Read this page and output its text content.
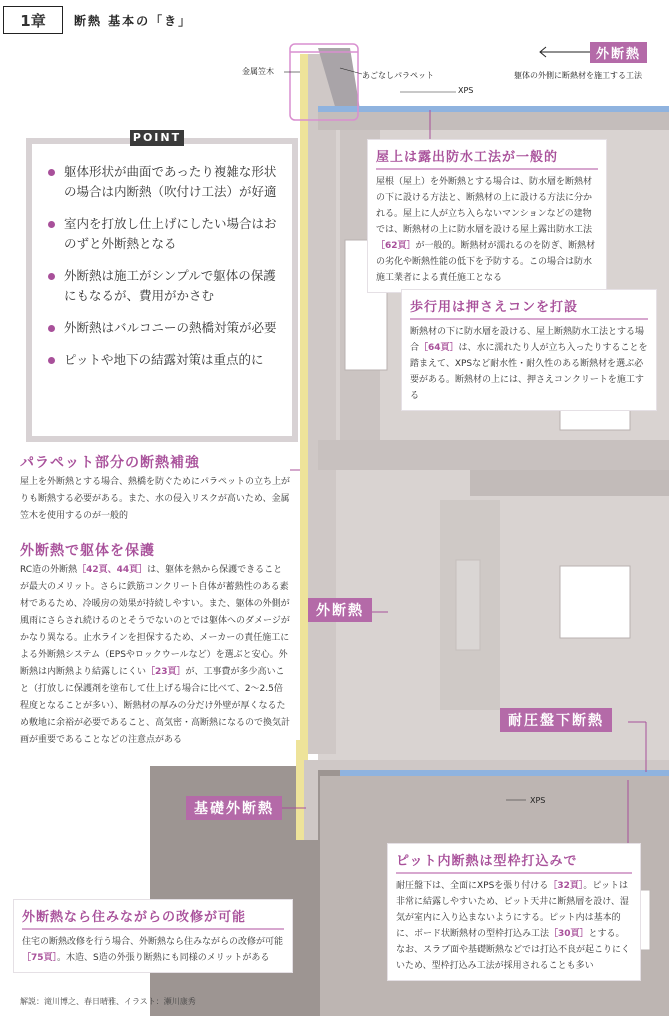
1章	断熱 基本の「き」
外断熱
躯体の外側に断熱材を施工する工法
金属笠木	あごなしパラペット
XPS
XPS
躯体形状が曲面であったり複雑な形状の場合は内断熱（吹付け工法）が好適
室内を打放し仕上げにしたい場合はおのずと外断熱となる
外断熱は施工がシンプルで躯体の保護にもなるが、費用がかさむ
外断熱はバルコニーの熱橋対策が必要
ピットや地下の結露対策は重点的に
POINT
パラペット部分の断熱補強
屋上を外断熱とする場合、熱橋を防ぐためにパラペットの立ち上がりも断熱する必要がある。また、水の侵入リスクが高いため、金属笠木を使用するのが一般的
外断熱で躯体を保護
RC造の外断熱［42頁、44頁］は、躯体を熱から保護できることが最大のメリット。さらに鉄筋コンクリート自体が蓄熱性のある素材であるため、冷暖房の効果が持続しやすい。また、躯体の外側が風雨にさらされ続けるのとそうでないのとでは躯体へのダメージがかなり異なる。止水ラインを担保するため、メーカーの責任施工による外断熱システム（EPSやロックウールなど）を選ぶと安心。外断熱は内断熱より結露しにくい［23頁］が、工事費が多少高いこと（打放しに保護剤を塗布して仕上げる場合に比べて、2～2.5倍程度となることが多い）、断熱材の厚みの分だけ外壁が厚くなるため敷地に余裕が必要であること、高気密・高断熱になるので換気計画が重要であることなどの注意点がある
屋上は露出防水工法が一般的
屋根（屋上）を外断熱とする場合は、防水層を断熱材の下に設ける方法と、断熱材の上に設ける方法に分かれる。屋上に人が立ち入らないマンションなどの建物では、断熱材の上に防水層を設ける屋上露出防水工法［62頁］が一般的。断熱材が濡れるのを防ぎ、断熱材の劣化や断熱性能の低下を予防する。この場合は防水施工業者による責任施工となる
歩行用は押さえコンを打設
断熱材の下に防水層を設ける、屋上断熱防水工法とする場合［64頁］は、水に濡れたり人が立ち入ったりすることを踏まえて、XPSなど耐水性・耐久性のある断熱材を選ぶ必要がある。断熱材の上には、押さえコンクリートを施工する
外断熱
耐圧盤下断熱
基礎外断熱
ピット内断熱は型枠打込みで
耐圧盤下は、全面にXPSを張り付ける［32頁］。ピットは非常に結露しやすいため、ピット天井に断熱層を設け、湿気が室内に入り込まないようにする。ピット内は基本的に、ボード状断熱材の型枠打込み工法［30頁］とする。なお、スラブ面や基礎断熱などでは打込不良が起こりにくいため、型枠打込み工法が採用されることも多い
外断熱なら住みながらの改修が可能
住宅の断熱改修を行う場合、外断熱なら住みながらの改修が可能［75頁］。木造、S造の外張り断熱にも同様のメリットがある
解説：滝川博之、春日晴雅、イラスト：瀬川康秀
